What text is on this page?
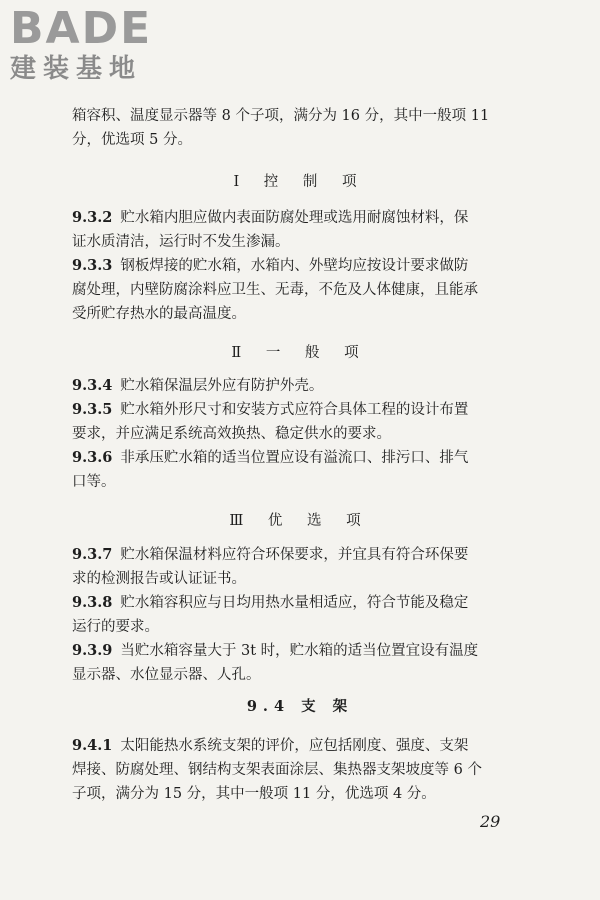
BADE
建装基地
箱容积、温度显示器等 8 个子项，满分为 16 分，其中一般项 11
分，优选项 5 分。
Ⅰ 控 制 项
9.3.2 贮水箱内胆应做内表面防腐处理或选用耐腐蚀材料，保
证水质清洁，运行时不发生渗漏。
9.3.3 钢板焊接的贮水箱，水箱内、外壁均应按设计要求做防
腐处理，内壁防腐涂料应卫生、无毒，不危及人体健康，且能承
受所贮存热水的最高温度。
Ⅱ 一 般 项
9.3.4 贮水箱保温层外应有防护外壳。
9.3.5 贮水箱外形尺寸和安装方式应符合具体工程的设计布置
要求，并应满足系统高效换热、稳定供水的要求。
9.3.6 非承压贮水箱的适当位置应设有溢流口、排污口、排气
口等。
Ⅲ 优 选 项
9.3.7 贮水箱保温材料应符合环保要求，并宜具有符合环保要
求的检测报告或认证证书。
9.3.8 贮水箱容积应与日均用热水量相适应，符合节能及稳定
运行的要求。
9.3.9 当贮水箱容量大于 3t 时，贮水箱的适当位置宜设有温度
显示器、水位显示器、人孔。
9.4 支 架
9.4.1 太阳能热水系统支架的评价，应包括刚度、强度、支架
焊接、防腐处理、钢结构支架表面涂层、集热器支架坡度等 6 个
子项，满分为 15 分，其中一般项 11 分，优选项 4 分。
29
